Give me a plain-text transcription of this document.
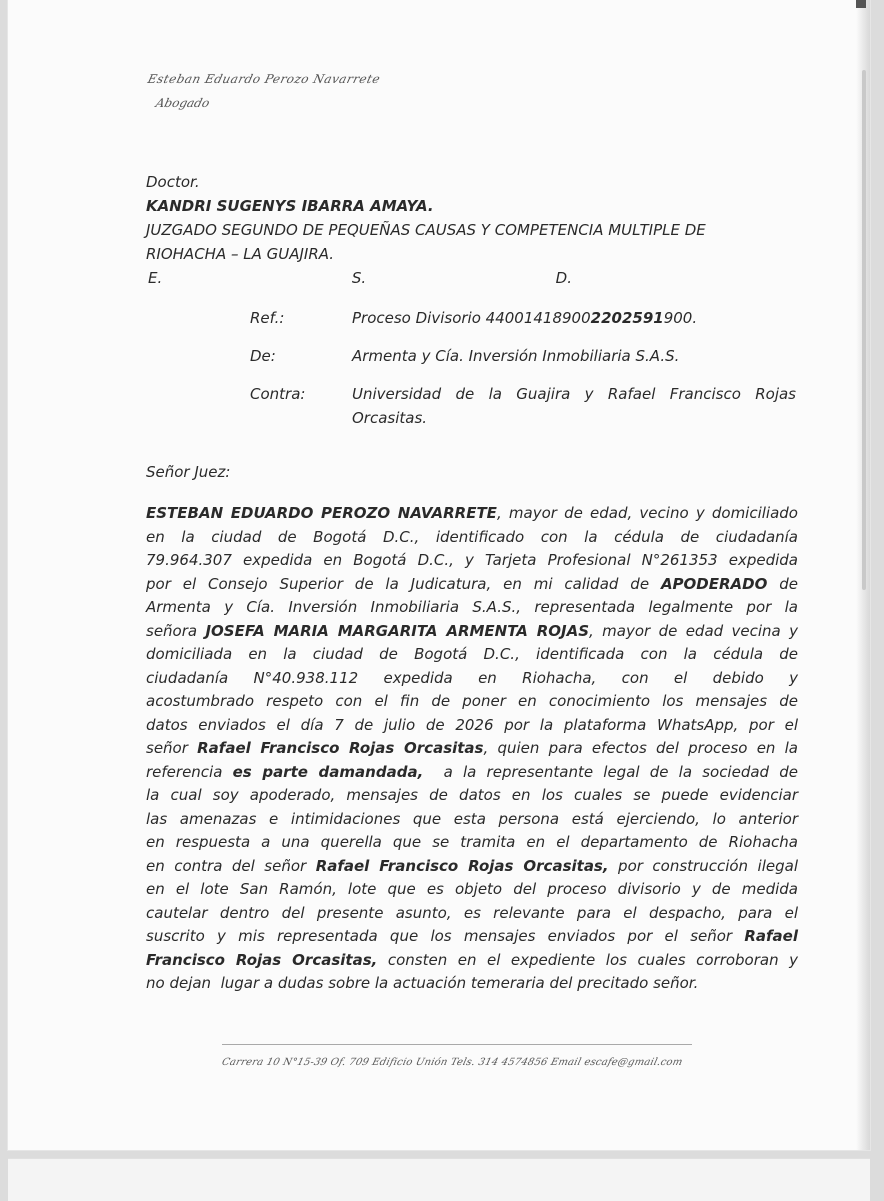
Esteban Eduardo Perozo Navarrete
Abogado
Doctor.
KANDRI SUGENYS IBARRA AMAYA.
JUZGADO SEGUNDO DE PEQUEÑAS CAUSAS Y COMPETENCIA MULTIPLE DE
RIOHACHA – LA GUAJIRA.
E.	S.	D.
Ref.:	Proceso Divisorio 440014189002202591900.
De:	Armenta y Cía. Inversión Inmobiliaria S.A.S.
Contra:	Universidad de la Guajira y Rafael Francisco Rojas Orcasitas.
Señor Juez:
ESTEBAN EDUARDO PEROZO NAVARRETE, mayor de edad, vecino y domiciliado
en la ciudad de Bogotá D.C., identificado con la cédula de ciudadanía
79.964.307 expedida en Bogotá D.C., y Tarjeta Profesional N°261353 expedida
por el Consejo Superior de la Judicatura, en mi calidad de APODERADO de
Armenta y Cía. Inversión Inmobiliaria S.A.S., representada legalmente por la
señora JOSEFA MARIA MARGARITA ARMENTA ROJAS, mayor de edad vecina y
domiciliada en la ciudad de Bogotá D.C., identificada con la cédula de
ciudadanía N°40.938.112 expedida en Riohacha, con el debido y
acostumbrado respeto con el fin de poner en conocimiento los mensajes de
datos enviados el día 7 de julio de 2026 por la plataforma WhatsApp, por el
señor Rafael Francisco Rojas Orcasitas, quien para efectos del proceso en la
referencia es parte damandada,  a la representante legal de la sociedad de
la cual soy apoderado, mensajes de datos en los cuales se puede evidenciar
las amenazas e intimidaciones que esta persona está ejerciendo, lo anterior
en respuesta a una querella que se tramita en el departamento de Riohacha
en contra del señor Rafael Francisco Rojas Orcasitas, por construcción ilegal
en el lote San Ramón, lote que es objeto del proceso divisorio y de medida
cautelar dentro del presente asunto, es relevante para el despacho, para el
suscrito y mis representada que los mensajes enviados por el señor Rafael
Francisco Rojas Orcasitas, consten en el expediente los cuales corroboran y
no dejan  lugar a dudas sobre la actuación temeraria del precitado señor.
Carrera 10 N°15-39 Of. 709 Edificio Unión Tels. 314 4574856 Email escafe@gmail.com
